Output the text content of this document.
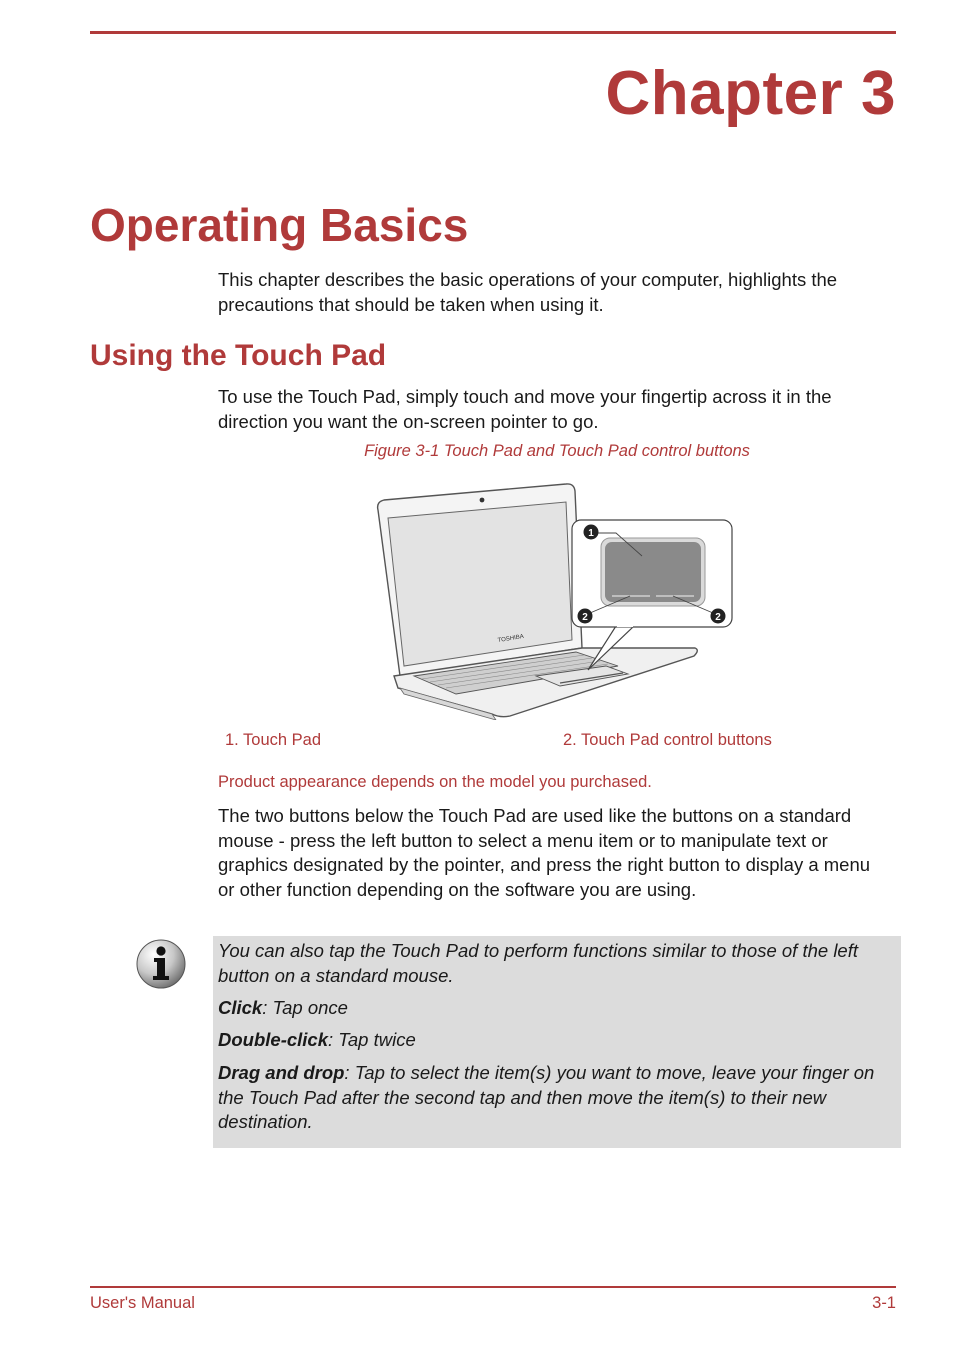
Chapter 3
Operating Basics

This chapter describes the basic operations of your computer, highlights the precautions that should be taken when using it.

Using the Touch Pad

To use the Touch Pad, simply touch and move your fingertip across it in the direction you want the on-screen pointer to go.

Figure 3-1 Touch Pad and Touch Pad control buttons

TOSHIBA
1
2	2

1. Touch Pad	2. Touch Pad control buttons

Product appearance depends on the model you purchased.

The two buttons below the Touch Pad are used like the buttons on a standard mouse - press the left button to select a menu item or to manipulate text or graphics designated by the pointer, and press the right button to display a menu or other function depending on the software you are using.

You can also tap the Touch Pad to perform functions similar to those of the left button on a standard mouse.

Click: Tap once

Double-click: Tap twice

Drag and drop: Tap to select the item(s) you want to move, leave your finger on the Touch Pad after the second tap and then move the item(s) to their new destination.

User's Manual	3-1
